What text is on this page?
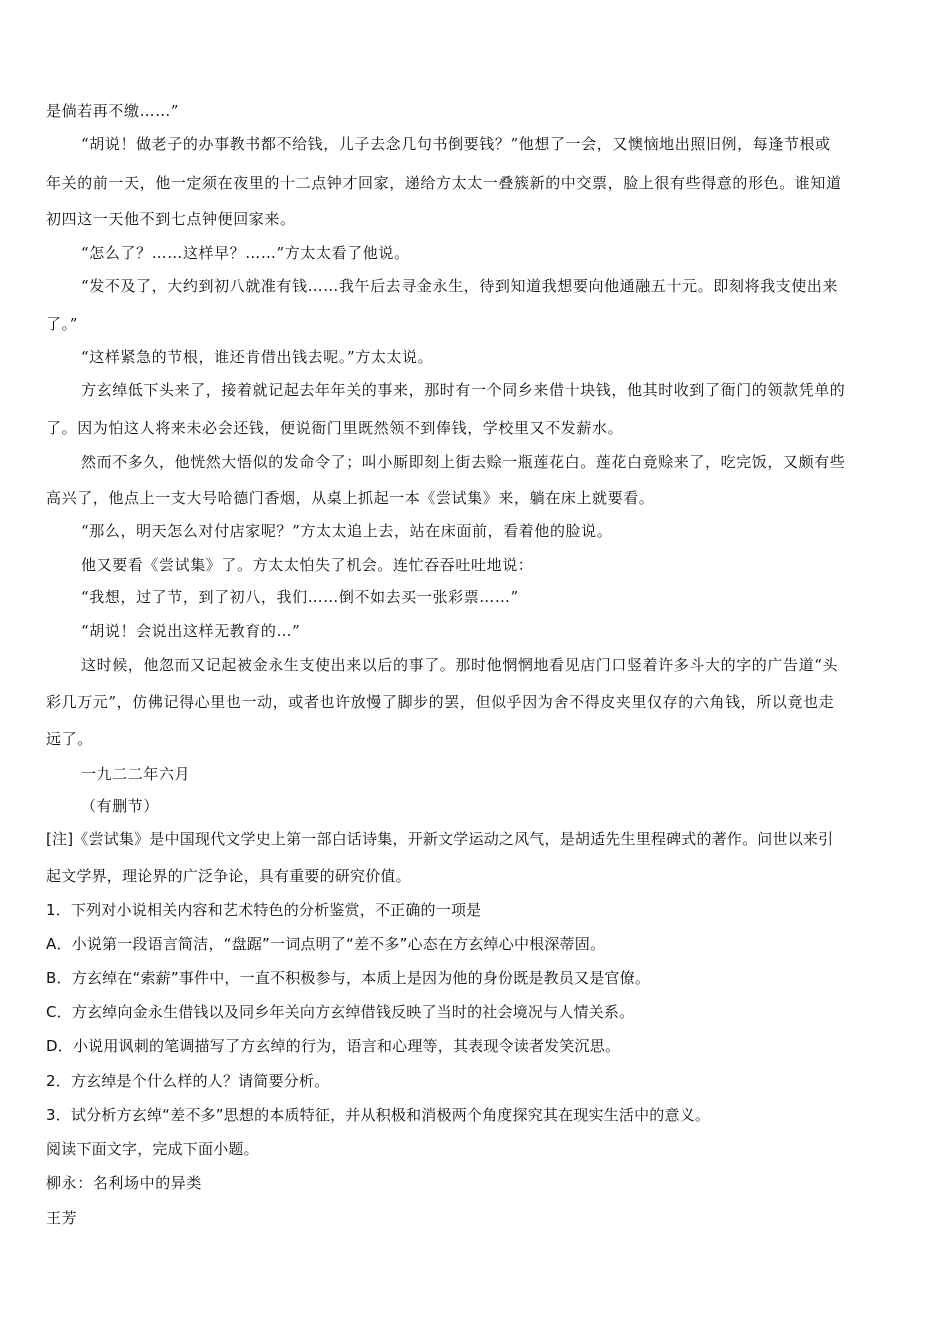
是倘若再不缴……”
“胡说！做老子的办事教书都不给钱，儿子去念几句书倒要钱？”他想了一会，又懊恼地出照旧例，每逢节根或
年关的前一天，他一定须在夜里的十二点钟才回家，递给方太太一叠簇新的中交票，脸上很有些得意的形色。谁知道
初四这一天他不到七点钟便回家来。
“怎么了？……这样早？……”方太太看了他说。
“发不及了，大约到初八就准有钱……我午后去寻金永生，待到知道我想要向他通融五十元。即刻将我支使出来
了。”
“这样紧急的节根，谁还肯借出钱去呢。”方太太说。
方玄绰低下头来了，接着就记起去年年关的事来，那时有一个同乡来借十块钱，他其时收到了衙门的领款凭单的
了。因为怕这人将来未必会还钱，便说衙门里既然领不到俸钱，学校里又不发薪水。
然而不多久，他恍然大悟似的发命令了；叫小厮即刻上街去赊一瓶莲花白。莲花白竟赊来了，吃完饭，又颇有些
高兴了，他点上一支大号哈德门香烟，从桌上抓起一本《尝试集》来，躺在床上就要看。
“那么，明天怎么对付店家呢？”方太太追上去，站在床面前，看着他的脸说。
他又要看《尝试集》了。方太太怕失了机会。连忙吞吞吐吐地说：
“我想，过了节，到了初八，我们……倒不如去买一张彩票……”
“胡说！会说出这样无教育的…”
这时候，他忽而又记起被金永生支使出来以后的事了。那时他惘惘地看见店门口竖着许多斗大的字的广告道“头
彩几万元”，仿佛记得心里也一动，或者也许放慢了脚步的罢，但似乎因为舍不得皮夹里仅存的六角钱，所以竟也走
远了。
一九二二年六月
（有删节）
[注]《尝试集》是中国现代文学史上第一部白话诗集，开新文学运动之风气，是胡适先生里程碑式的著作。问世以来引
起文学界，理论界的广泛争论，具有重要的研究价值。
1．下列对小说相关内容和艺术特色的分析鉴赏，不正确的一项是
A．小说第一段语言简洁，“盘踞”一词点明了“差不多”心态在方玄绰心中根深蒂固。
B．方玄绰在“索薪”事件中，一直不积极参与，本质上是因为他的身份既是教员又是官僚。
C．方玄绰向金永生借钱以及同乡年关向方玄绰借钱反映了当时的社会境况与人情关系。
D．小说用讽刺的笔调描写了方玄绰的行为，语言和心理等，其表现令读者发笑沉思。
2．方玄绰是个什么样的人？请简要分析。
3．试分析方玄绰“差不多”思想的本质特征，并从积极和消极两个角度探究其在现实生活中的意义。
阅读下面文字，完成下面小题。
柳永：名利场中的异类
王芳
